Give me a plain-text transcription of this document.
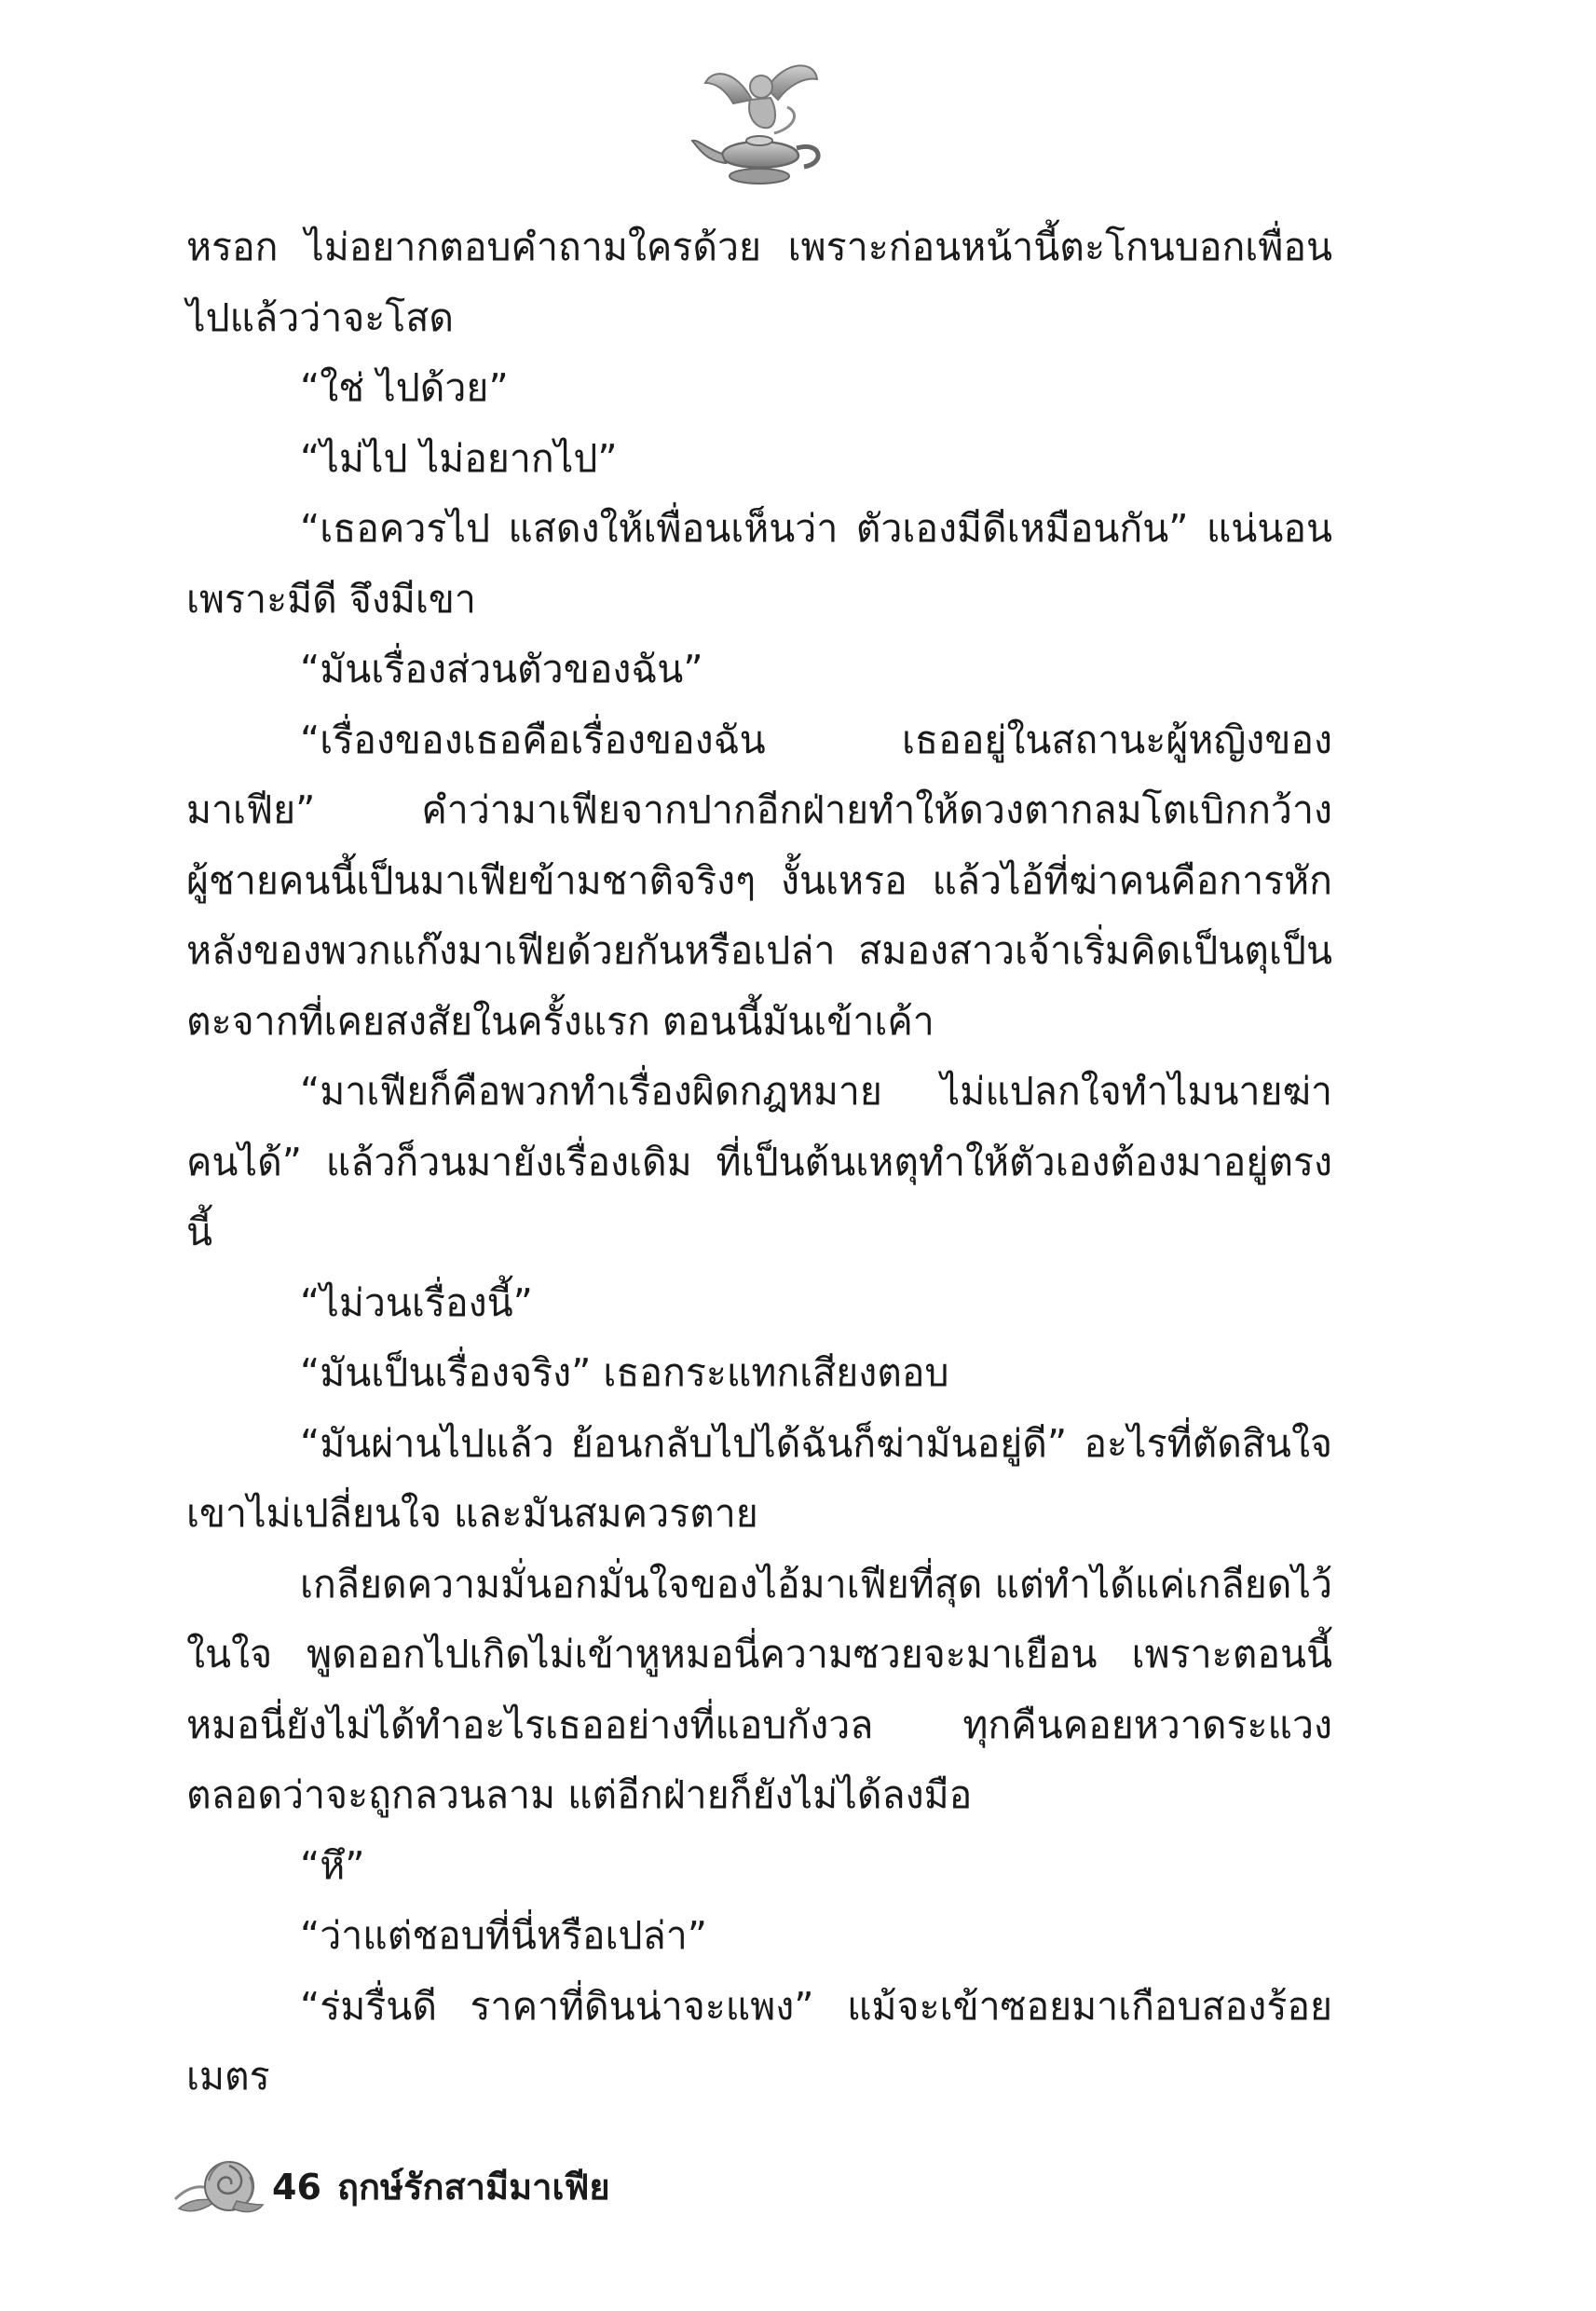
หรอก ไม่อยากตอบคำถามใครด้วย เพราะก่อนหน้านี้ตะโกนบอกเพื่อนไปแล้วว่าจะโสด

“ใช่ ไปด้วย”

“ไม่ไป ไม่อยากไป”

“เธอควรไป แสดงให้เพื่อนเห็นว่า ตัวเองมีดีเหมือนกัน” แน่นอนเพราะมีดี จึงมีเขา

“มันเรื่องส่วนตัวของฉัน”

“เรื่องของเธอคือเรื่องของฉัน เธออยู่ในสถานะผู้หญิงของมาเฟีย” คำว่ามาเฟียจากปากอีกฝ่ายทำให้ดวงตากลมโตเบิกกว้าง ผู้ชายคนนี้เป็นมาเฟียข้ามชาติจริงๆ งั้นเหรอ แล้วไอ้ที่ฆ่าคนคือการหักหลังของพวกแก๊งมาเฟียด้วยกันหรือเปล่า สมองสาวเจ้าเริ่มคิดเป็นตุเป็นตะจากที่เคยสงสัยในครั้งแรก ตอนนี้มันเข้าเค้า

“มาเฟียก็คือพวกทำเรื่องผิดกฎหมาย ไม่แปลกใจทำไมนายฆ่าคนได้” แล้วก็วนมายังเรื่องเดิม ที่เป็นต้นเหตุทำให้ตัวเองต้องมาอยู่ตรงนี้

“ไม่วนเรื่องนี้”

“มันเป็นเรื่องจริง” เธอกระแทกเสียงตอบ

“มันผ่านไปแล้ว ย้อนกลับไปได้ฉันก็ฆ่ามันอยู่ดี” อะไรที่ตัดสินใจเขาไม่เปลี่ยนใจ และมันสมควรตาย

เกลียดความมั่นอกมั่นใจของไอ้มาเฟียที่สุด แต่ทำได้แค่เกลียดไว้ในใจ พูดออกไปเกิดไม่เข้าหูหมอนี่ความซวยจะมาเยือน เพราะตอนนี้หมอนี่ยังไม่ได้ทำอะไรเธออย่างที่แอบกังวล ทุกคืนคอยหวาดระแวงตลอดว่าจะถูกลวนลาม แต่อีกฝ่ายก็ยังไม่ได้ลงมือ

“หึ”

“ว่าแต่ชอบที่นี่หรือเปล่า”

“ร่มรื่นดี ราคาที่ดินน่าจะแพง” แม้จะเข้าซอยมาเกือบสองร้อยเมตร

46 ฤกษ์รักสามีมาเฟีย
